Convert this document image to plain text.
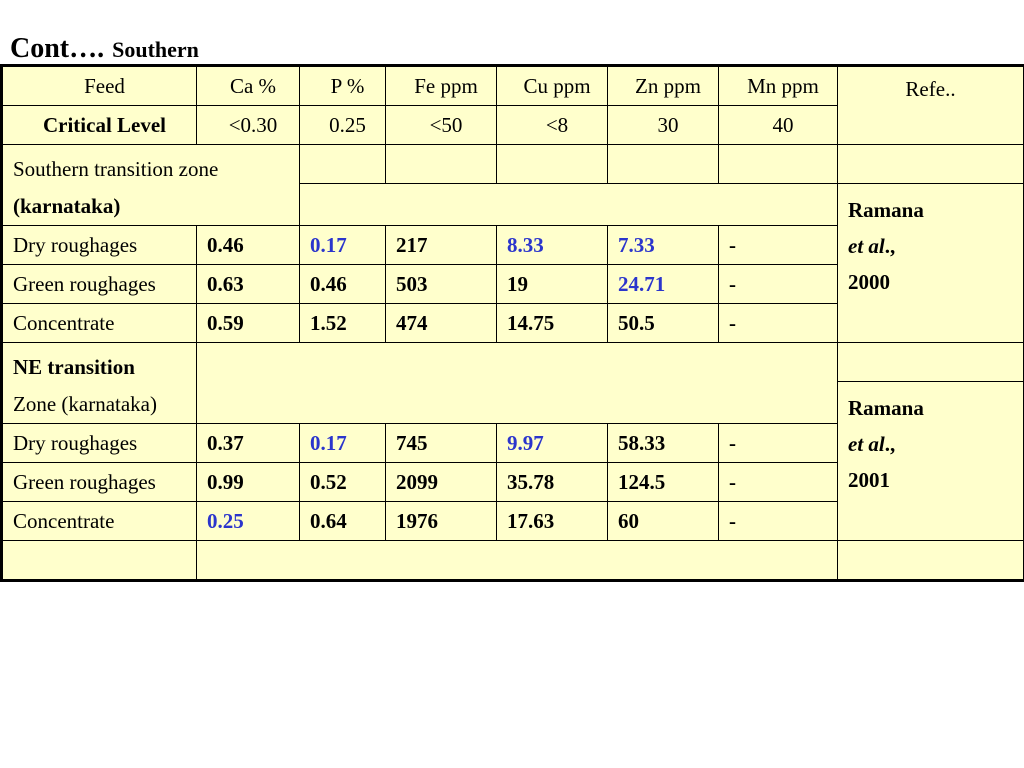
Cont…. Southern
Feed	Ca %	P %	Fe ppm	Cu ppm	Zn ppm	Mn ppm	Refe..
Critical Level	<0.30	0.25	<50	<8	30	40	
Southern transition zone
(karnataka)							
							Ramana
et al.,
2000
Dry roughages	0.46	0.17	217	8.33	7.33	-	
Green roughages	0.63	0.46	503	19	24.71	-	
Concentrate	0.59	1.52	474	14.75	50.5	-	
NE transition
Zone (karnataka)							
							Ramana
et al.,
2001
Dry roughages	0.37	0.17	745	9.97	58.33	-	
Green roughages	0.99	0.52	2099	35.78	124.5	-	
Concentrate	0.25	0.64	1976	17.63	60	-	
